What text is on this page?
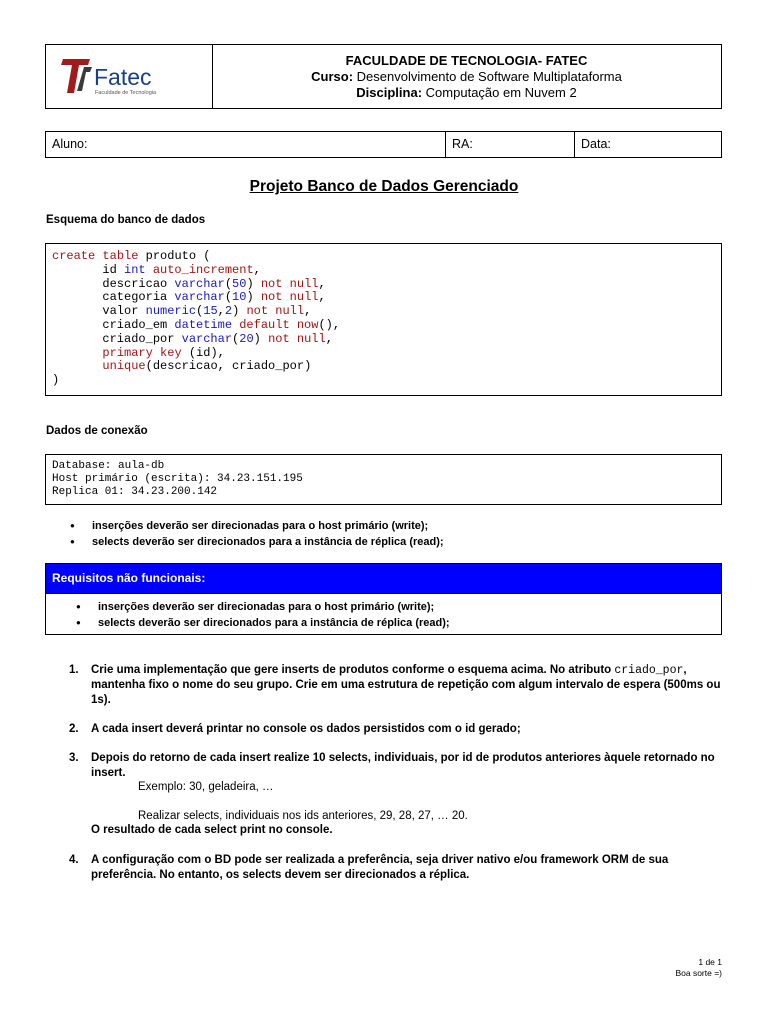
Fatec
Faculdade de Tecnologia
FACULDADE DE TECNOLOGIA- FATEC
Curso: Desenvolvimento de Software Multiplataforma
Disciplina: Computação em Nuvem 2
Aluno:	RA:	Data:
Projeto Banco de Dados Gerenciado
Esquema do banco de dados
create table produto (
id int auto_increment,
descricao varchar(50) not null,
categoria varchar(10) not null,
valor numeric(15,2) not null,
criado_em datetime default now(),
criado_por varchar(20) not null,
primary key (id),
unique(descricao, criado_por)
)
Dados de conexão
Database: aula-db
Host primário (escrita): 34.23.151.195
Replica 01: 34.23.200.142
● inserções deverão ser direcionadas para o host primário (write);
● selects deverão ser direcionados para a instância de réplica (read);
Requisitos não funcionais:
● inserções deverão ser direcionadas para o host primário (write);
● selects deverão ser direcionados para a instância de réplica (read);
1. Crie uma implementação que gere inserts de produtos conforme o esquema acima. No atributo criado_por, mantenha fixo o nome do seu grupo. Crie em uma estrutura de repetição com algum intervalo de espera (500ms ou 1s).
2. A cada insert deverá printar no console os dados persistidos com o id gerado;
3. Depois do retorno de cada insert realize 10 selects, individuais, por id de produtos anteriores àquele retornado no insert.
Exemplo: 30, geladeira, …
Realizar selects, individuais nos ids anteriores, 29, 28, 27, … 20.
O resultado de cada select print no console.
4. A configuração com o BD pode ser realizada a preferência, seja driver nativo e/ou framework ORM de sua preferência. No entanto, os selects devem ser direcionados a réplica.
1 de 1
Boa sorte =)
